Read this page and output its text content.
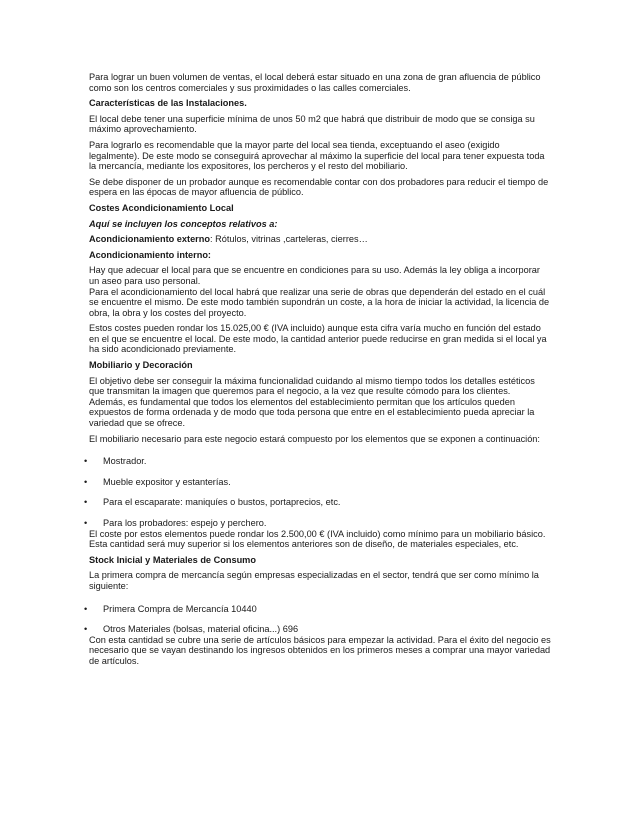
Para lograr un buen volumen de ventas, el local deberá estar situado en una zona de gran afluencia de público como son los centros comerciales y sus proximidades o las calles comerciales.

Características de las Instalaciones.

El local debe tener una superficie mínima de unos 50 m2 que habrá que distribuir de modo que se consiga su máximo aprovechamiento.

Para lograrlo es recomendable que la mayor parte del local sea tienda, exceptuando el aseo (exigido legalmente). De este modo se conseguirá aprovechar al máximo la superficie del local para tener expuesta toda la mercancía, mediante los expositores, los percheros y el resto del mobiliario.

Se debe disponer de un probador aunque es recomendable contar con dos probadores para reducir el tiempo de espera en las épocas de mayor afluencia de público.

Costes Acondicionamiento Local

Aquí se incluyen los conceptos relativos a:

Acondicionamiento externo: Rótulos, vitrinas ,carteleras, cierres…

Acondicionamiento interno:

Hay que adecuar el local para que se encuentre en condiciones para su uso. Además la ley obliga a incorporar un aseo para uso personal.
Para el acondicionamiento del local habrá que realizar una serie de obras que dependerán del estado en el cuál se encuentre el mismo. De este modo también supondrán un coste, a la hora de iniciar la actividad, la licencia de obra, la obra y los costes del proyecto.

Estos costes pueden rondar los 15.025,00 € (IVA incluido) aunque esta cifra varía mucho en función del estado en el que se encuentre el local. De este modo, la cantidad anterior puede reducirse en gran medida si el local ya ha sido acondicionado previamente.

Mobiliario y Decoración

El objetivo debe ser conseguir la máxima funcionalidad cuidando al mismo tiempo todos los detalles estéticos que transmitan la imagen que queremos para el negocio, a la vez que resulte cómodo para los clientes.
Además, es fundamental que todos los elementos del establecimiento permitan que los artículos queden expuestos de forma ordenada y de modo que toda persona que entre en el establecimiento pueda apreciar la variedad que se ofrece.

El mobiliario necesario para este negocio estará compuesto por los elementos que se exponen a continuación:

• Mostrador.
• Mueble expositor y estanterías.
• Para el escaparate: maniquíes o bustos, portaprecios, etc.
• Para los probadores: espejo y perchero.

El coste por estos elementos puede rondar los 2.500,00 € (IVA incluido) como mínimo para un mobiliario básico. Esta cantidad será muy superior si los elementos anteriores son de diseño, de materiales especiales, etc.

Stock Inicial y Materiales de Consumo

La primera compra de mercancía según empresas especializadas en el sector, tendrá que ser como mínimo la siguiente:

• Primera Compra de Mercancía 10440
• Otros Materiales (bolsas, material oficina...) 696

Con esta cantidad se cubre una serie de artículos básicos para empezar la actividad. Para el éxito del negocio es necesario que se vayan destinando los ingresos obtenidos en los primeros meses a comprar una mayor variedad de artículos.
